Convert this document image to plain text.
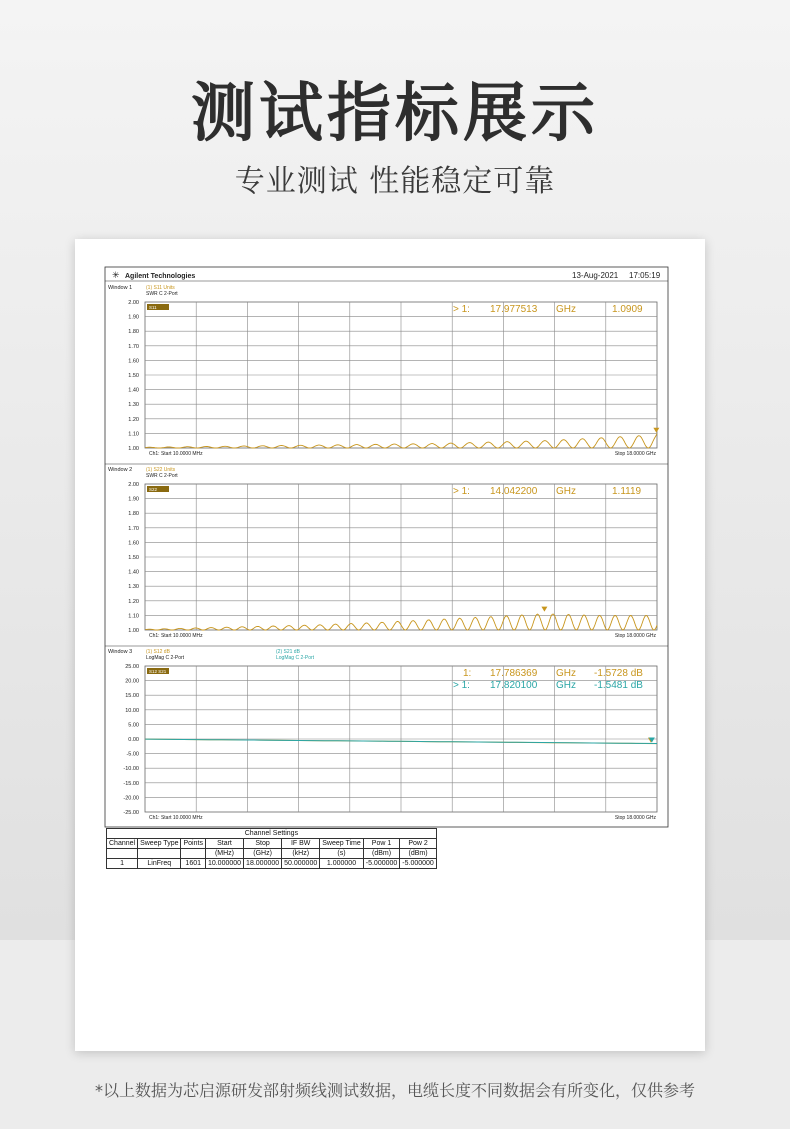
测试指标展示
专业测试 性能稳定可靠
✳ Agilent Technologies	13-Aug-2021 17:05:19
Window 1	(1) S11 Units
SWR C 2-Port
2.00
1.90
1.80
1.70
1.60
1.50
1.40
1.30
1.20
1.10
1.00
S11
Ch1: Start 10.0000 MHz	Stop 18.0000 GHz
> 1: 17.977513 GHz	1.0909
Window 2	(1) S22 Units
SWR C 2-Port
2.00
1.90
1.80
1.70
1.60
1.50
1.40
1.30
1.20
1.10
1.00
S22
Ch1: Start 10.0000 MHz	Stop 18.0000 GHz
> 1: 14.042200 GHz	1.1119
Window 3	(1) S12 dB
LogMag C 2-Port
(2) S21 dB
LogMag C 2-Port
25.00
20.00
15.00
10.00
5.00
0.00
-5.00
-10.00
-15.00
-20.00
-25.00
S12 S21
Ch1: Start 10.0000 MHz	Stop 18.0000 GHz
1: 17.786369 GHz -1.5728 dB
> 1: 17.820100 GHz -1.5481 dB
Channel Settings								
Channel	Sweep Type	Points	Start	Stop	IF BW	Sweep Time	Pow 1	Pow 2
			(MHz)	(GHz)	(kHz)	(s)	(dBm)	(dBm)
1	LinFreq	1601	10.000000	18.000000	50.000000	1.000000	-5.000000	-5.000000
*以上数据为芯启源研发部射频线测试数据，电缆长度不同数据会有所变化，仅供参考
